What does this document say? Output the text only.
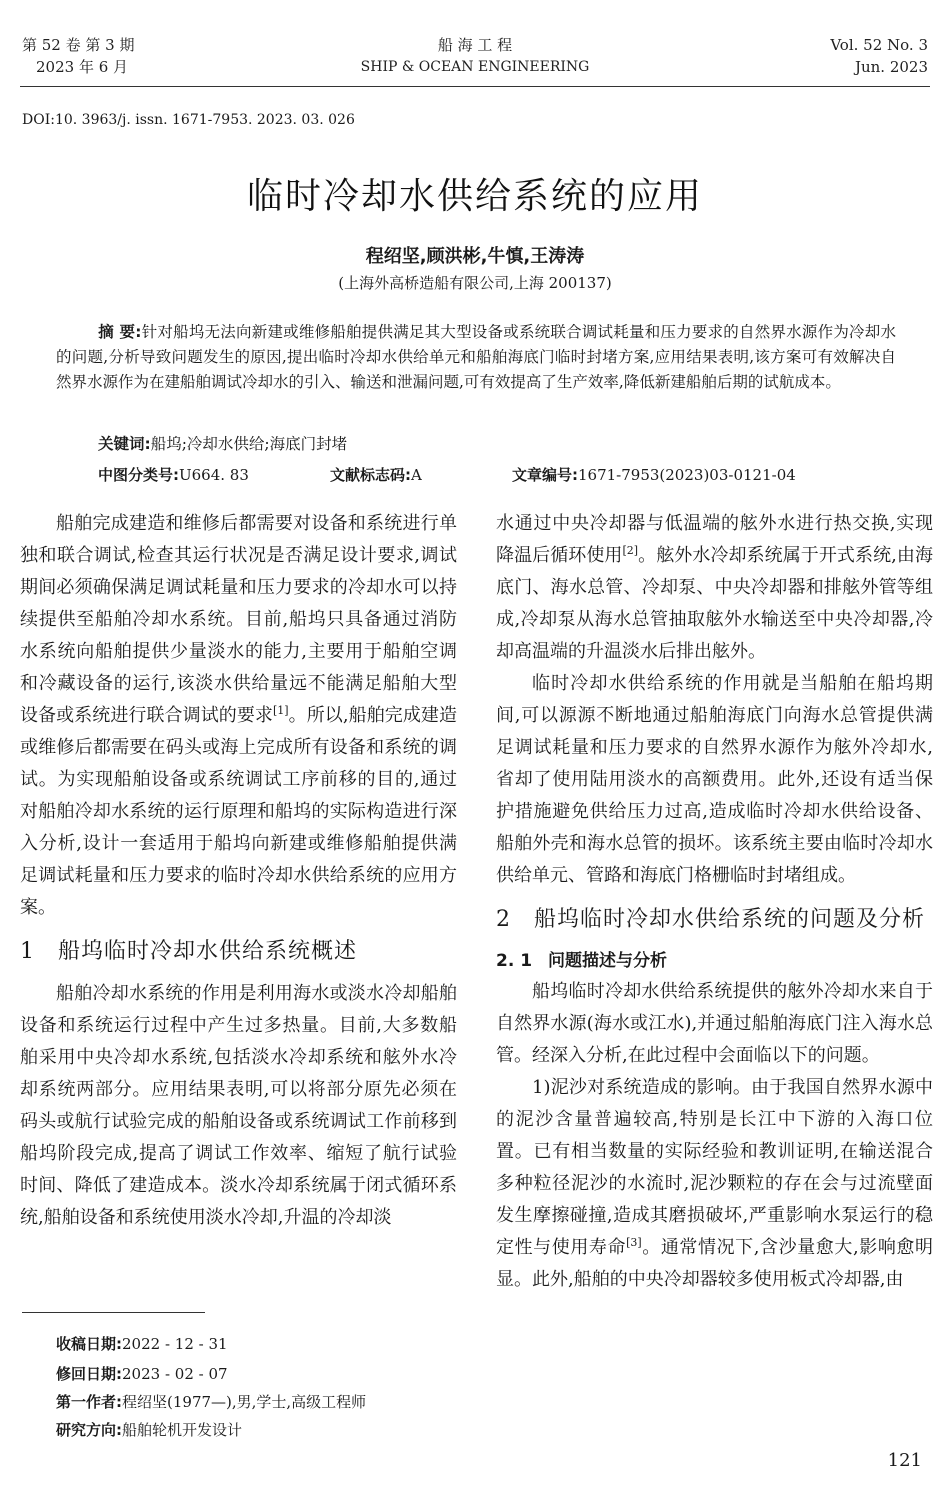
第 52 卷 第 3 期
2023 年 6 月
船 海 工 程
SHIP & OCEAN ENGINEERING
Vol. 52 No. 3
Jun. 2023
DOI:10. 3963/j. issn. 1671-7953. 2023. 03. 026
临时冷却水供给系统的应用
程绍坚,顾洪彬,牛慎,王涛涛
(上海外高桥造船有限公司,上海 200137)
摘 要:针对船坞无法向新建或维修船舶提供满足其大型设备或系统联合调试耗量和压力要求的自然界水源作为冷却水的问题,分析导致问题发生的原因,提出临时冷却水供给单元和船舶海底门临时封堵方案,应用结果表明,该方案可有效解决自然界水源作为在建船舶调试冷却水的引入、输送和泄漏问题,可有效提高了生产效率,降低新建船舶后期的试航成本。
关键词:船坞;冷却水供给;海底门封堵
中图分类号:U664. 83	文献标志码:A	文章编号:1671-7953(2023)03-0121-04

船舶完成建造和维修后都需要对设备和系统进行单独和联合调试,检查其运行状况是否满足设计要求,调试期间必须确保满足调试耗量和压力要求的冷却水可以持续提供至船舶冷却水系统。目前,船坞只具备通过消防水系统向船舶提供少量淡水的能力,主要用于船舶空调和冷藏设备的运行,该淡水供给量远不能满足船舶大型设备或系统进行联合调试的要求[1]。所以,船舶完成建造或维修后都需要在码头或海上完成所有设备和系统的调试。为实现船舶设备或系统调试工序前移的目的,通过对船舶冷却水系统的运行原理和船坞的实际构造进行深入分析,设计一套适用于船坞向新建或维修船舶提供满足调试耗量和压力要求的临时冷却水供给系统的应用方案。

1 船坞临时冷却水供给系统概述

船舶冷却水系统的作用是利用海水或淡水冷却船舶设备和系统运行过程中产生过多热量。目前,大多数船舶采用中央冷却水系统,包括淡水冷却系统和舷外水冷却系统两部分。应用结果表明,可以将部分原先必须在码头或航行试验完成的船舶设备或系统调试工作前移到船坞阶段完成,提高了调试工作效率、缩短了航行试验时间、降低了建造成本。淡水冷却系统属于闭式循环系统,船舶设备和系统使用淡水冷却,升温的冷却淡

水通过中央冷却器与低温端的舷外水进行热交换,实现降温后循环使用[2]。舷外水冷却系统属于开式系统,由海底门、海水总管、冷却泵、中央冷却器和排舷外管等组成,冷却泵从海水总管抽取舷外水输送至中央冷却器,冷却高温端的升温淡水后排出舷外。

临时冷却水供给系统的作用就是当船舶在船坞期间,可以源源不断地通过船舶海底门向海水总管提供满足调试耗量和压力要求的自然界水源作为舷外冷却水,省却了使用陆用淡水的高额费用。此外,还设有适当保护措施避免供给压力过高,造成临时冷却水供给设备、船舶外壳和海水总管的损坏。该系统主要由临时冷却水供给单元、管路和海底门格栅临时封堵组成。

2 船坞临时冷却水供给系统的问题及分析
2. 1 问题描述与分析

船坞临时冷却水供给系统提供的舷外冷却水来自于自然界水源(海水或江水),并通过船舶海底门注入海水总管。经深入分析,在此过程中会面临以下的问题。

1)泥沙对系统造成的影响。由于我国自然界水源中的泥沙含量普遍较高,特别是长江中下游的入海口位置。已有相当数量的实际经验和教训证明,在输送混合多种粒径泥沙的水流时,泥沙颗粒的存在会与过流壁面发生摩擦碰撞,造成其磨损破坏,严重影响水泵运行的稳定性与使用寿命[3]。通常情况下,含沙量愈大,影响愈明显。此外,船舶的中央冷却器较多使用板式冷却器,由

收稿日期:2022 - 12 - 31
修回日期:2023 - 02 - 07
第一作者:程绍坚(1977—),男,学士,高级工程师
研究方向:船舶轮机开发设计
121
